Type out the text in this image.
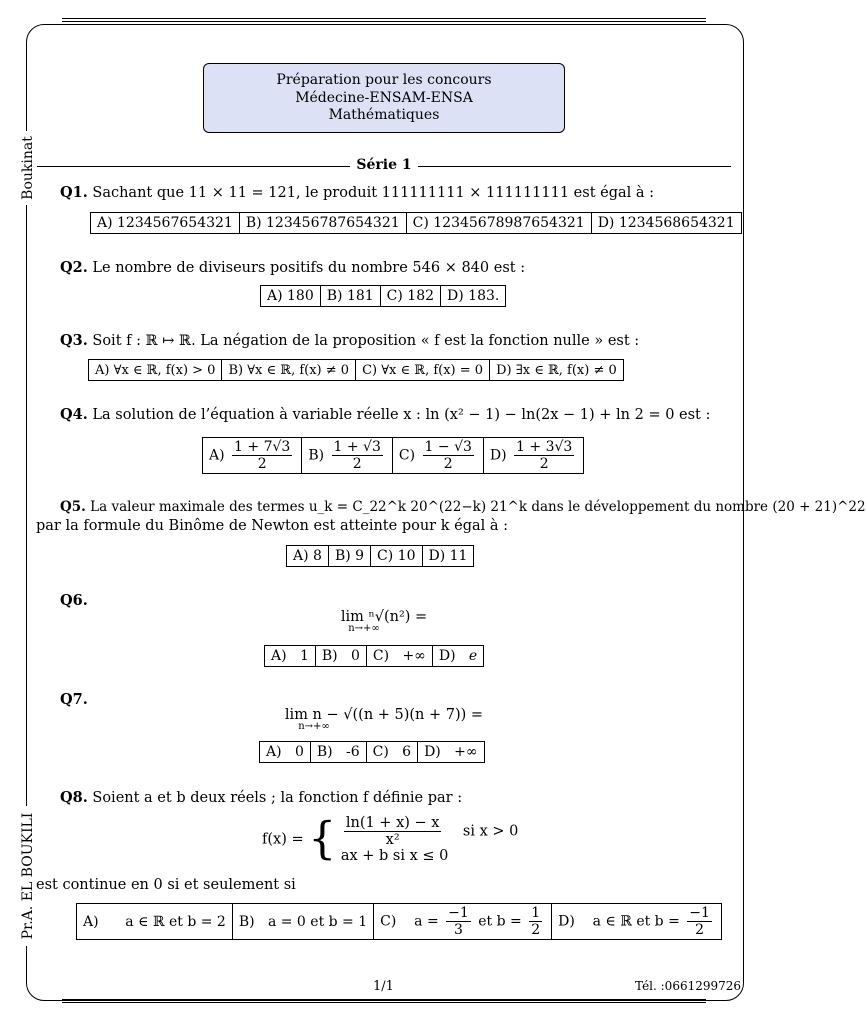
Boukinat
Pr.A. EL BOUKILI
Préparation pour les concours
Médecine-ENSAM-ENSA
Mathématiques
Série 1
Q1. Sachant que 11 × 11 = 121, le produit 111111111 × 111111111 est égal à :
A) 1234567654321	B) 123456787654321	C) 12345678987654321	D) 1234568654321
Q2. Le nombre de diviseurs positifs du nombre 546 × 840 est :
A) 180	B) 181	C) 182	D) 183.
Q3. Soit f : ℝ ↦ ℝ. La négation de la proposition « f est la fonction nulle » est :
A) ∀x ∈ ℝ, f(x) > 0	B) ∀x ∈ ℝ, f(x) ≠ 0	C) ∀x ∈ ℝ, f(x) = 0	D) ∃x ∈ ℝ, f(x) ≠ 0
Q4. La solution de l’équation à variable réelle x : ln (x² − 1) − ln(2x − 1) + ln 2 = 0 est :
$A) \frac{1 + 7√3}{2}$	$B) \frac{1 + √3}{2}$	$C) \frac{1 - √3}{2}$	$D) \frac{1 + 3√3}{2}$
Q5. La valeur maximale des termes u_k = C_22^k 20^(22−k) 21^k dans le développement du nombre (20 + 21)^22
par la formule du Binôme de Newton est atteinte pour k égal à :
A) 8	B) 9	C) 10	D) 11
Q6.
lim ⁿ√(n²) =
n→+∞
A) 1	B) 0	C) +∞	D) e
Q7.
lim n − √((n + 5)(n + 7)) =
n→+∞
A) 0	B) -6	C) 6	D) +∞
Q8. Soient a et b deux réels ; la fonction f définie par :
f(x) = { $\frac{\ln(1 + x) - x}{\text{x²}}$ si x > 0
ax + b si x ≤ 0
est continue en 0 si et seulement si
A) a ∈ ℝ et b = 2	B) a = 0 et b = 1	C) $a = \frac{-1}{3}$ et $b = \frac{1}{2}$	D) a ∈ ℝ et $b = \frac{-1}{2}$
1/1	Tél. :0661299726
